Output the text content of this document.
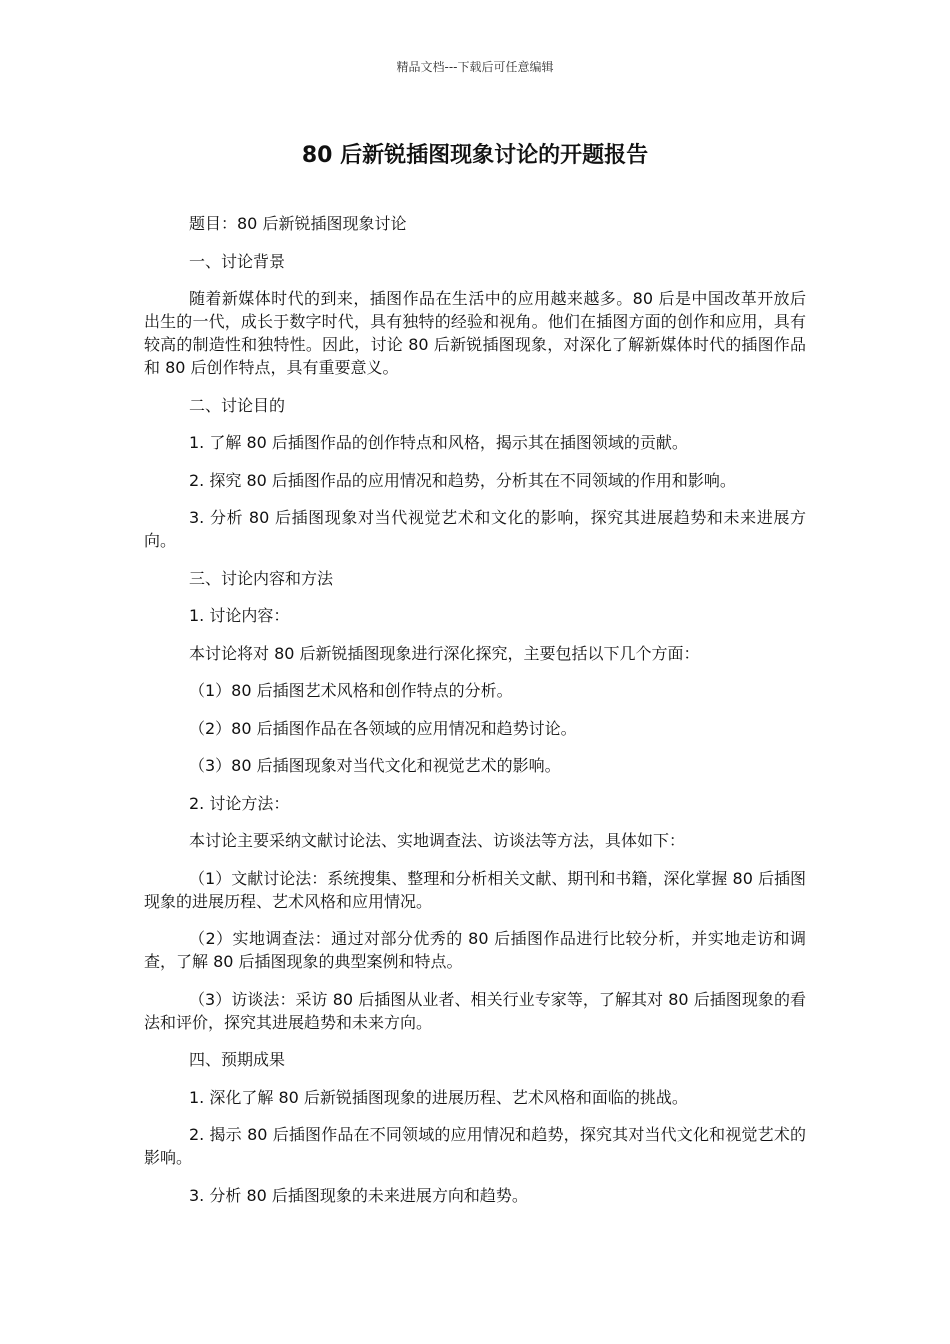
精品文档---下载后可任意编辑
80 后新锐插图现象讨论的开题报告

题目：80 后新锐插图现象讨论

一、讨论背景

随着新媒体时代的到来，插图作品在生活中的应用越来越多。80 后是中国改革开放后出生的一代，成长于数字时代，具有独特的经验和视角。他们在插图方面的创作和应用，具有较高的制造性和独特性。因此，讨论 80 后新锐插图现象，对深化了解新媒体时代的插图作品和 80 后创作特点，具有重要意义。

二、讨论目的

1. 了解 80 后插图作品的创作特点和风格，揭示其在插图领域的贡献。

2. 探究 80 后插图作品的应用情况和趋势，分析其在不同领域的作用和影响。

3. 分析 80 后插图现象对当代视觉艺术和文化的影响，探究其进展趋势和未来进展方向。

三、讨论内容和方法

1. 讨论内容：

本讨论将对 80 后新锐插图现象进行深化探究，主要包括以下几个方面：

（1）80 后插图艺术风格和创作特点的分析。

（2）80 后插图作品在各领域的应用情况和趋势讨论。

（3）80 后插图现象对当代文化和视觉艺术的影响。

2. 讨论方法：

本讨论主要采纳文献讨论法、实地调查法、访谈法等方法，具体如下：

（1）文献讨论法：系统搜集、整理和分析相关文献、期刊和书籍，深化掌握 80 后插图现象的进展历程、艺术风格和应用情况。

（2）实地调查法：通过对部分优秀的 80 后插图作品进行比较分析，并实地走访和调查，了解 80 后插图现象的典型案例和特点。

（3）访谈法：采访 80 后插图从业者、相关行业专家等，了解其对 80 后插图现象的看法和评价，探究其进展趋势和未来方向。

四、预期成果

1. 深化了解 80 后新锐插图现象的进展历程、艺术风格和面临的挑战。

2. 揭示 80 后插图作品在不同领域的应用情况和趋势，探究其对当代文化和视觉艺术的影响。

3. 分析 80 后插图现象的未来进展方向和趋势。
